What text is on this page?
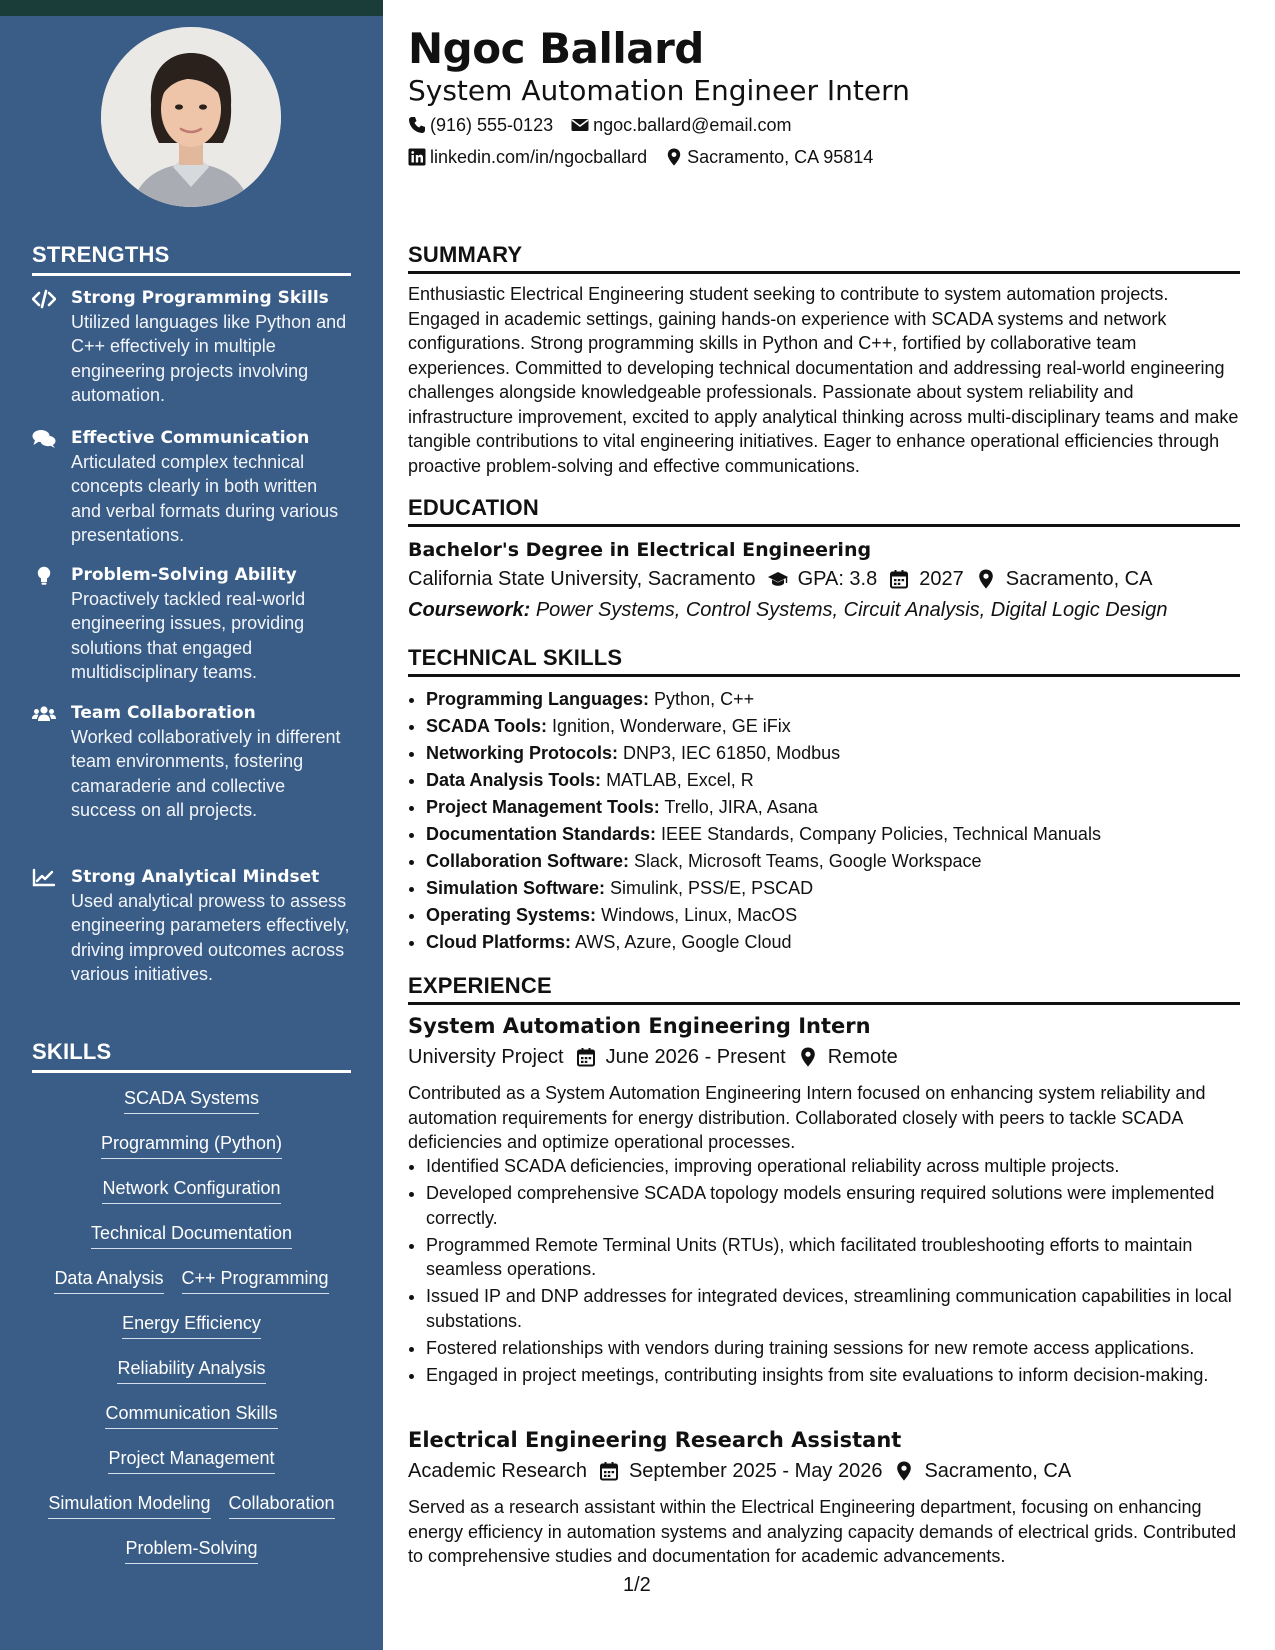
STRENGTHS
Strong Programming Skills
Utilized languages like Python and C++ effectively in multiple engineering projects involving automation.
Effective Communication
Articulated complex technical concepts clearly in both written and verbal formats during various presentations.
Problem-Solving Ability
Proactively tackled real-world engineering issues, providing solutions that engaged multidisciplinary teams.
Team Collaboration
Worked collaboratively in different team environments, fostering camaraderie and collective success on all projects.
Strong Analytical Mindset
Used analytical prowess to assess engineering parameters effectively, driving improved outcomes across various initiatives.
SKILLS
SCADA Systems
Programming (Python)
Network Configuration
Technical Documentation
Data Analysis C++ Programming
Energy Efficiency
Reliability Analysis
Communication Skills
Project Management
Simulation Modeling Collaboration
Problem-Solving
Ngoc Ballard
System Automation Engineer Intern
(916) 555-0123 ngoc.ballard@email.com
linkedin.com/in/ngocballard Sacramento, CA 95814
SUMMARY
Enthusiastic Electrical Engineering student seeking to contribute to system automation projects. Engaged in academic settings, gaining hands-on experience with SCADA systems and network configurations. Strong programming skills in Python and C++, fortified by collaborative team experiences. Committed to developing technical documentation and addressing real-world engineering challenges alongside knowledgeable professionals. Passionate about system reliability and infrastructure improvement, excited to apply analytical thinking across multi-disciplinary teams and make tangible contributions to vital engineering initiatives. Eager to enhance operational efficiencies through proactive problem-solving and effective communications.
EDUCATION
Bachelor's Degree in Electrical Engineering
California State University, Sacramento GPA: 3.8 2027 Sacramento, CA
Coursework: Power Systems, Control Systems, Circuit Analysis, Digital Logic Design
TECHNICAL SKILLS
• Programming Languages: Python, C++
• SCADA Tools: Ignition, Wonderware, GE iFix
• Networking Protocols: DNP3, IEC 61850, Modbus
• Data Analysis Tools: MATLAB, Excel, R
• Project Management Tools: Trello, JIRA, Asana
• Documentation Standards: IEEE Standards, Company Policies, Technical Manuals
• Collaboration Software: Slack, Microsoft Teams, Google Workspace
• Simulation Software: Simulink, PSS/E, PSCAD
• Operating Systems: Windows, Linux, MacOS
• Cloud Platforms: AWS, Azure, Google Cloud
EXPERIENCE
System Automation Engineering Intern
University Project June 2026 - Present Remote
Contributed as a System Automation Engineering Intern focused on enhancing system reliability and automation requirements for energy distribution. Collaborated closely with peers to tackle SCADA deficiencies and optimize operational processes.
• Identified SCADA deficiencies, improving operational reliability across multiple projects.
• Developed comprehensive SCADA topology models ensuring required solutions were implemented correctly.
• Programmed Remote Terminal Units (RTUs), which facilitated troubleshooting efforts to maintain seamless operations.
• Issued IP and DNP addresses for integrated devices, streamlining communication capabilities in local substations.
• Fostered relationships with vendors during training sessions for new remote access applications.
• Engaged in project meetings, contributing insights from site evaluations to inform decision-making.
Electrical Engineering Research Assistant
Academic Research September 2025 - May 2026 Sacramento, CA
Served as a research assistant within the Electrical Engineering department, focusing on enhancing energy efficiency in automation systems and analyzing capacity demands of electrical grids. Contributed to comprehensive studies and documentation for academic advancements.
1/2
